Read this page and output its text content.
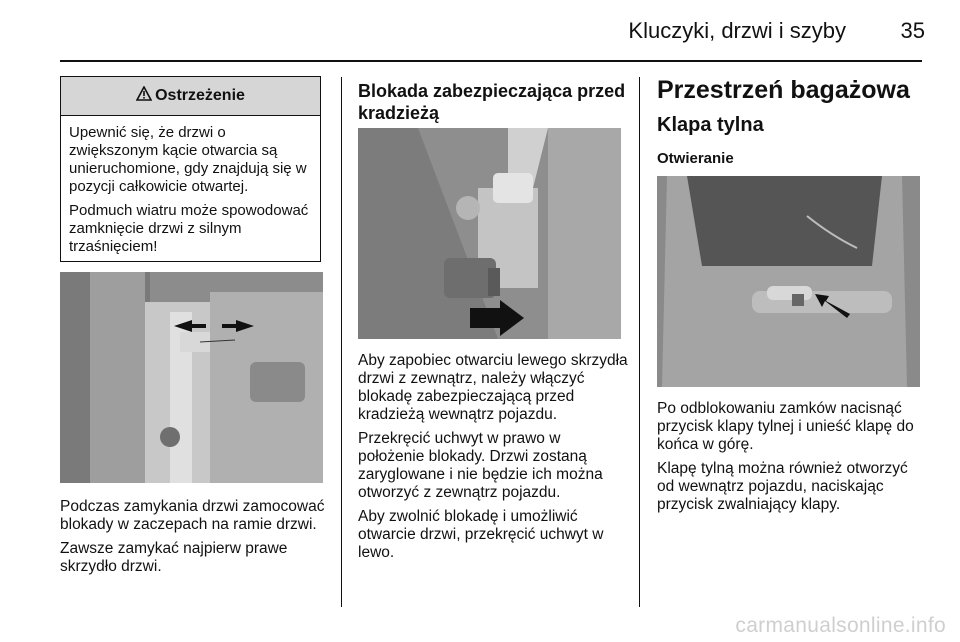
Kluczyki, drzwi i szyby	35
Ostrzeżenie

Upewnić się, że drzwi o zwiększonym kącie otwarcia są unieruchomione, gdy znajdują się w pozycji całkowicie otwartej.

Podmuch wiatru może spowodować zamknięcie drzwi z silnym trzaśnięciem!

Podczas zamykania drzwi zamocować blokady w zaczepach na ramie drzwi.

Zawsze zamykać najpierw prawe skrzydło drzwi.

Blokada zabezpieczająca przed kradzieżą

Aby zapobiec otwarciu lewego skrzydła drzwi z zewnątrz, należy włączyć blokadę zabezpieczającą przed kradzieżą wewnątrz pojazdu.

Przekręcić uchwyt w prawo w położenie blokady. Drzwi zostaną zaryglowane i nie będzie ich można otworzyć z zewnątrz pojazdu.

Aby zwolnić blokadę i umożliwić otwarcie drzwi, przekręcić uchwyt w lewo.

Przestrzeń bagażowa
Klapa tylna
Otwieranie

Po odblokowaniu zamków nacisnąć przycisk klapy tylnej i unieść klapę do końca w górę.

Klapę tylną można również otworzyć od wewnątrz pojazdu, naciskając przycisk zwalniający klapy.

carmanualsonline.info
